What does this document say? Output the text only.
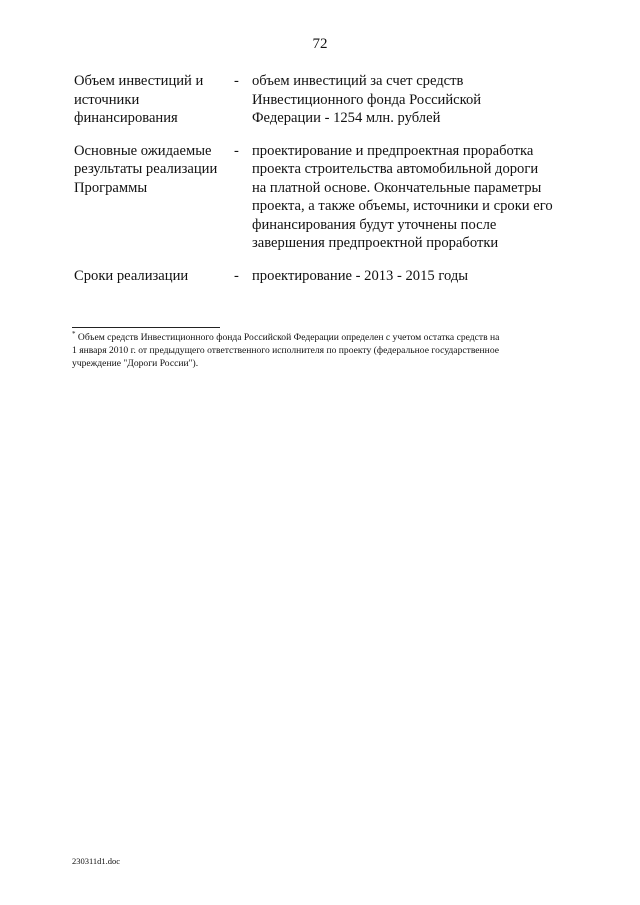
72
Объем инвестиций и
источники
финансирования
- объем инвестиций за счет средств
Инвестиционного фонда Российской
Федерации - 1254 млн. рублей
Основные ожидаемые
результаты реализации
Программы
- проектирование и предпроектная проработка
проекта строительства автомобильной дороги
на платной основе. Окончательные параметры
проекта, а также объемы, источники и сроки его
финансирования будут уточнены после
завершения предпроектной проработки
Сроки реализации	- проектирование - 2013 - 2015 годы
* Объем средств Инвестиционного фонда Российской Федерации определен с учетом остатка средств на
1 января 2010 г. от предыдущего ответственного исполнителя по проекту (федеральное государственное
учреждение "Дороги России").
230311d1.doc
